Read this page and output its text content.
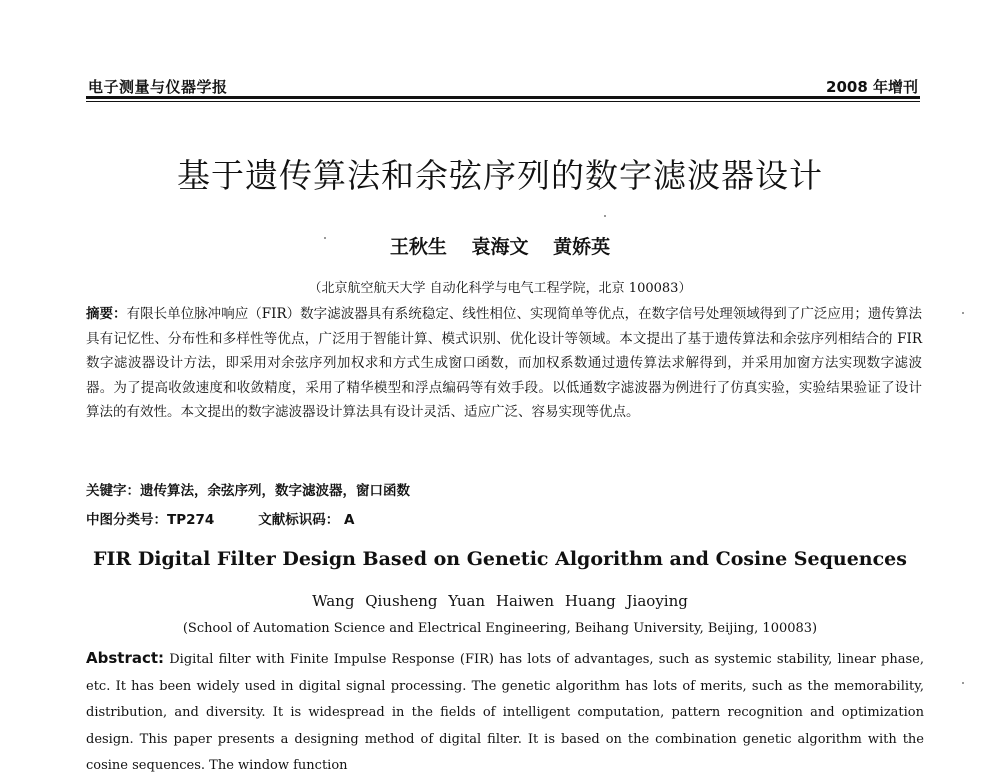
电子测量与仪器学报	2008 年增刊
基于遗传算法和余弦序列的数字滤波器设计
王秋生 袁海文 黄娇英
（北京航空航天大学 自动化科学与电气工程学院，北京 100083）
摘要：有限长单位脉冲响应（FIR）数字滤波器具有系统稳定、线性相位、实现简单等优点，在数字信号处理领域得到了广泛应用；遗传算法具有记忆性、分布性和多样性等优点，广泛用于智能计算、模式识别、优化设计等领域。本文提出了基于遗传算法和余弦序列相结合的 FIR 数字滤波器设计方法，即采用对余弦序列加权求和方式生成窗口函数，而加权系数通过遗传算法求解得到，并采用加窗方法实现数字滤波器。为了提高收敛速度和收敛精度，采用了精华模型和浮点编码等有效手段。以低通数字滤波器为例进行了仿真实验，实验结果验证了设计算法的有效性。本文提出的数字滤波器设计算法具有设计灵活、适应广泛、容易实现等优点。
关键字：遗传算法，余弦序列，数字滤波器，窗口函数
中图分类号：TP274	文献标识码： A
FIR Digital Filter Design Based on Genetic Algorithm and Cosine Sequences
Wang Qiusheng Yuan Haiwen Huang Jiaoying
(School of Automation Science and Electrical Engineering, Beihang University, Beijing, 100083)
Abstract: Digital filter with Finite Impulse Response (FIR) has lots of advantages, such as systemic stability, linear phase, etc. It has been widely used in digital signal processing. The genetic algorithm has lots of merits, such as the memorability, distribution, and diversity. It is widespread in the fields of intelligent computation, pattern recognition and optimization design. This paper presents a designing method of digital filter. It is based on the combination genetic algorithm with the cosine sequences. The window function
